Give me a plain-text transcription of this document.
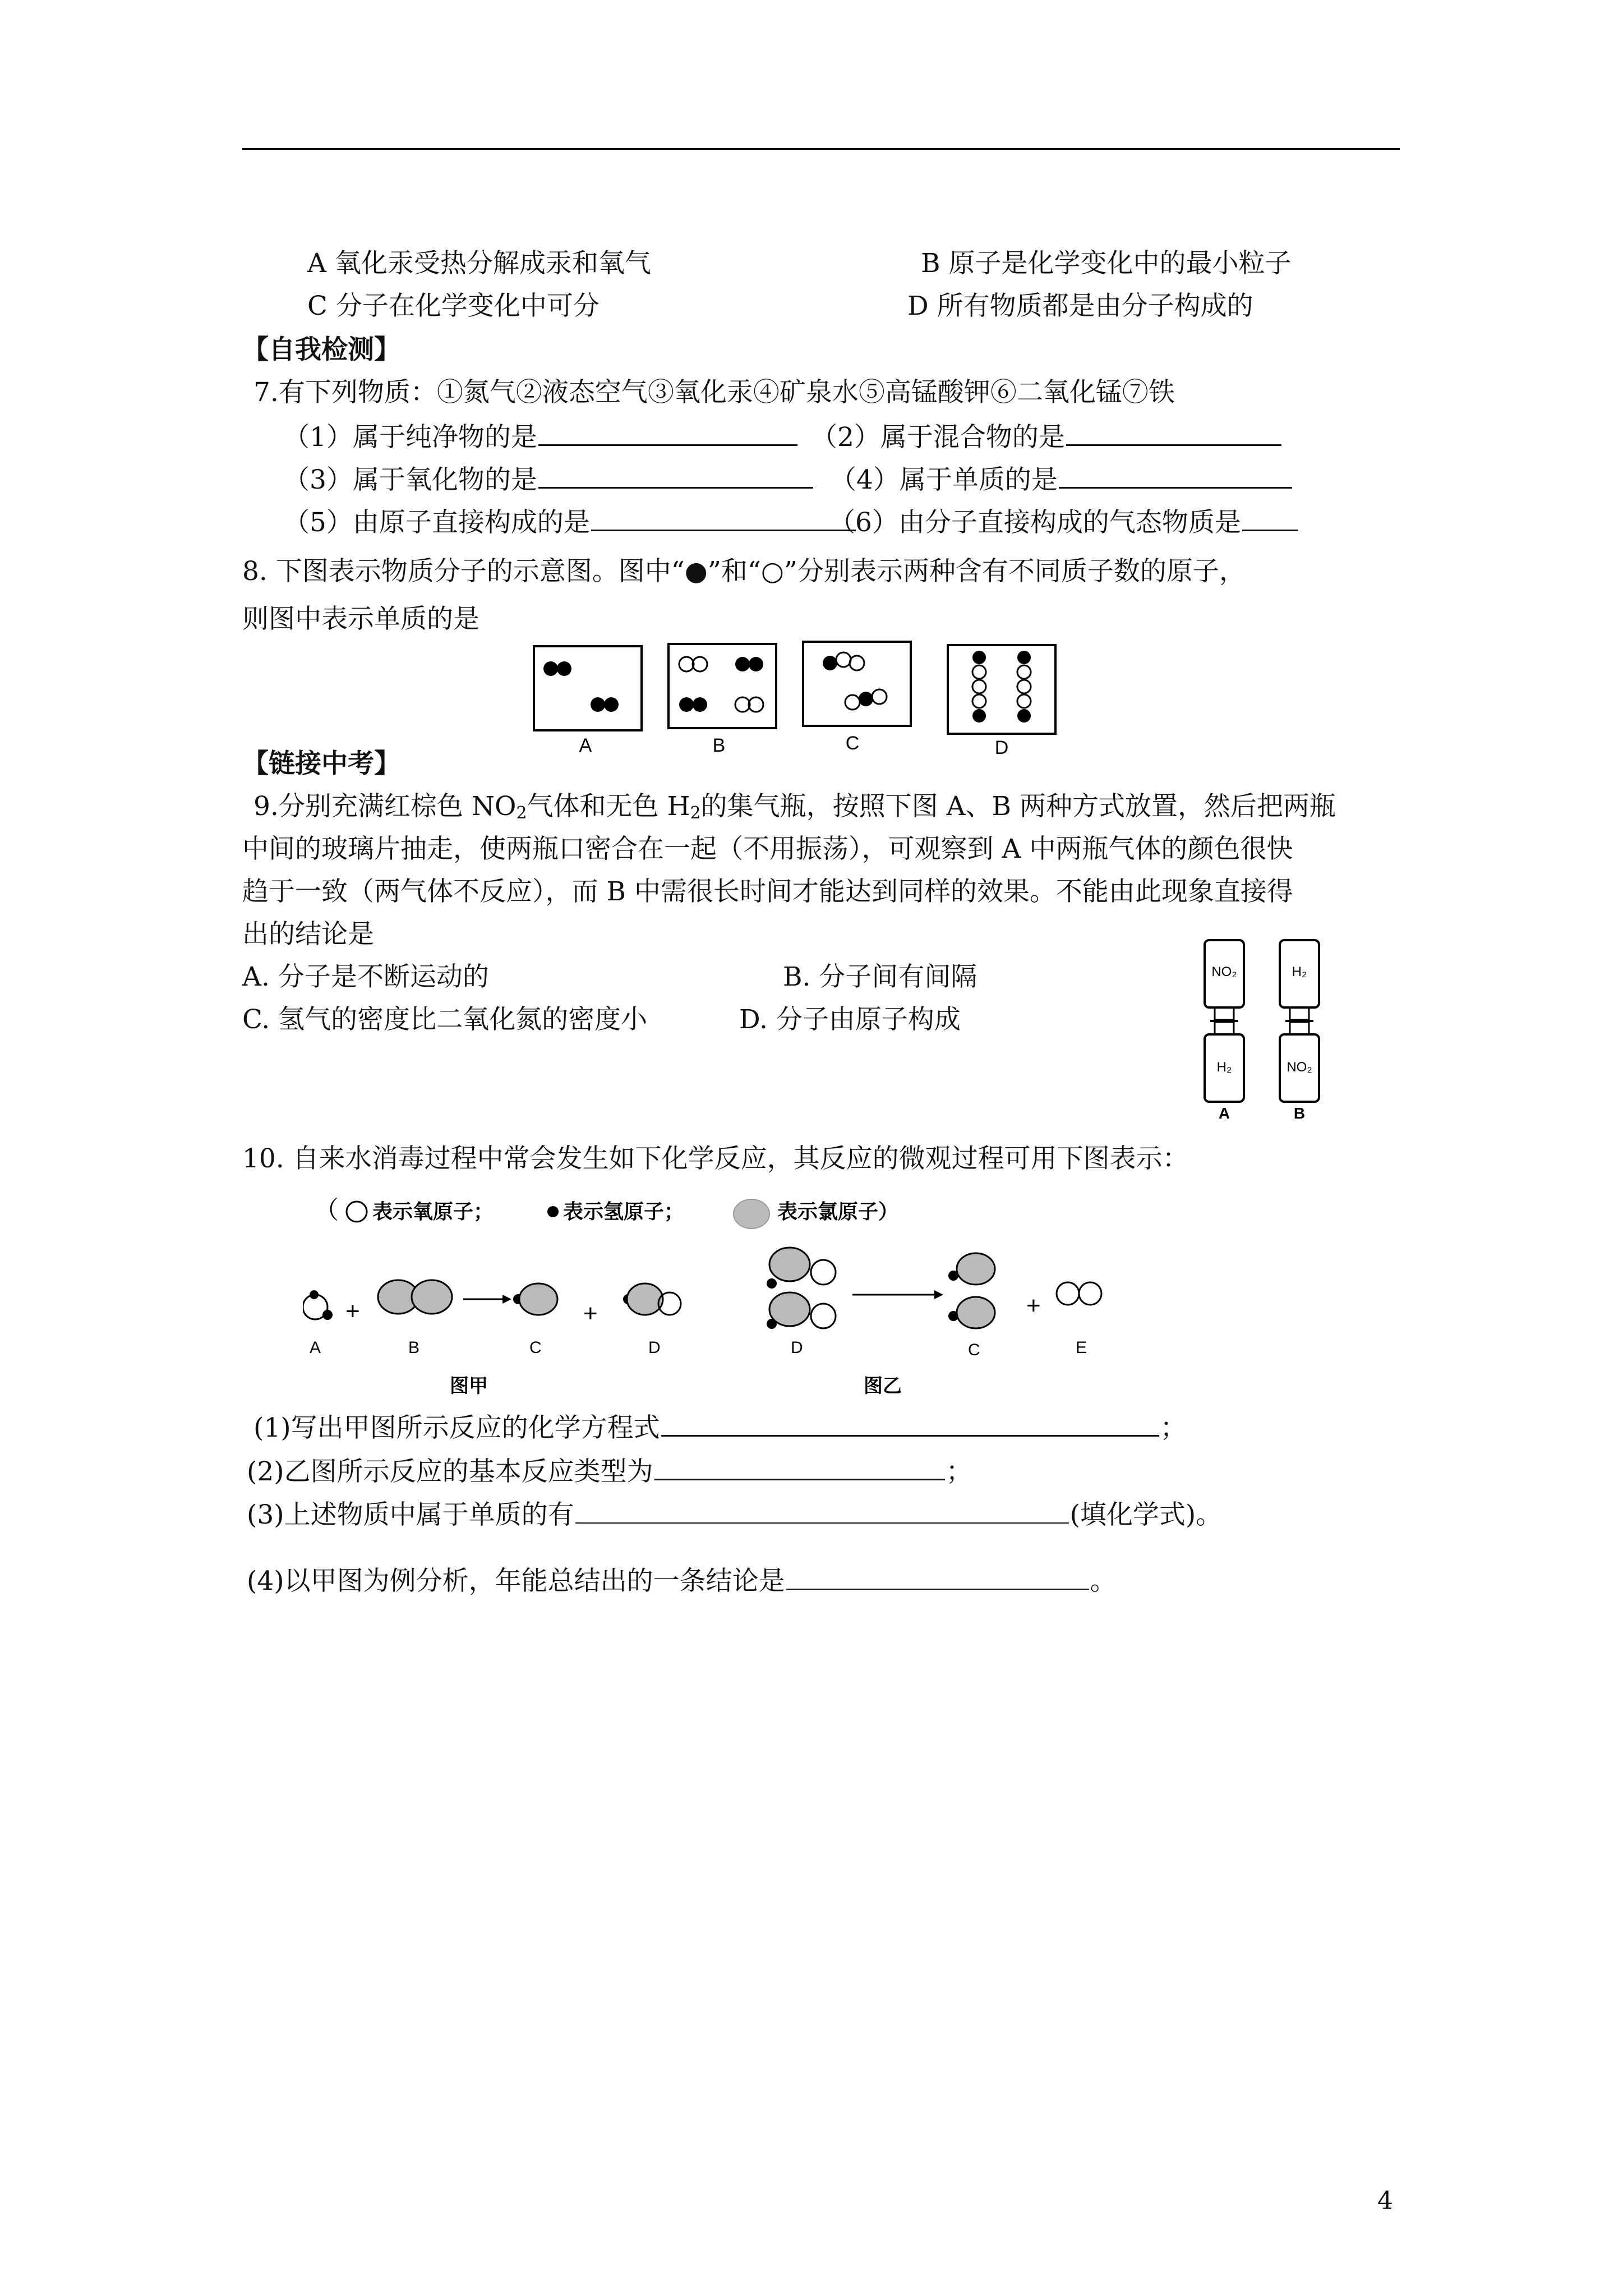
A 氧化汞受热分解成汞和氧气	B 原子是化学变化中的最小粒子
C 分子在化学变化中可分	D 所有物质都是由分子构成的
【自我检测】
7.有下列物质：①氮气②液态空气③氧化汞④矿泉水⑤高锰酸钾⑥二氧化锰⑦铁
（1）属于纯净物的是	（2）属于混合物的是
（3）属于氧化物的是	（4）属于单质的是
（5）由原子直接构成的是	（6）由分子直接构成的气态物质是
8. 下图表示物质分子的示意图。图中“●”和“○”分别表示两种含有不同质子数的原子，
则图中表示单质的是
A	B	C	D
【链接中考】
9.分别充满红棕色 $NO_2$气体和无色 $H_2$的集气瓶，按照下图 A、B 两种方式放置，然后把两瓶
中间的玻璃片抽走，使两瓶口密合在一起（不用振荡），可观察到 A 中两瓶气体的颜色很快
趋于一致（两气体不反应），而 B 中需很长时间才能达到同样的效果。不能由此现象直接得
出的结论是
A. 分子是不断运动的	B. 分子间有间隔
C. 氢气的密度比二氧化氮的密度小	D. 分子由原子构成
NO₂
H₂
A
H₂
NO₂
B
10. 自来水消毒过程中常会发生如下化学反应，其反应的微观过程可用下图表示：
（ 表示氧原子；	表示氢原子；	表示氯原子）
A
+
B	C
+
D
图甲
D	C
+
E
图乙
(1)写出甲图所示反应的化学方程式	；
(2)乙图所示反应的基本反应类型为	；
(3)上述物质中属于单质的有	(填化学式)。
(4)以甲图为例分析，年能总结出的一条结论是	。
4
